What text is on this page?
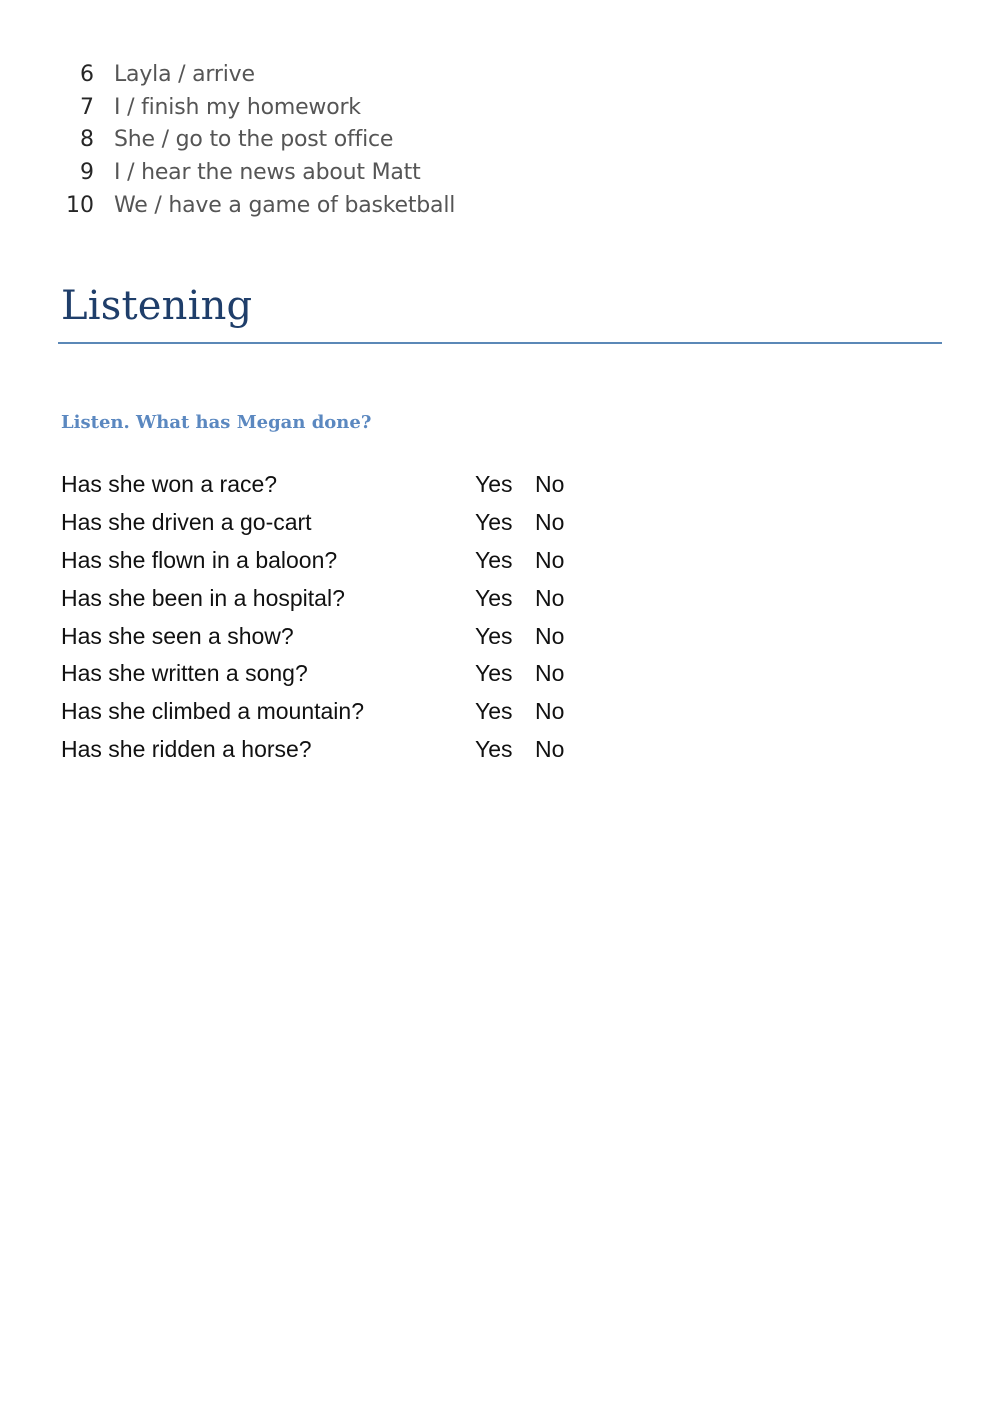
6 Layla / arrive
7 I / finish my homework
8 She / go to the post office
9 I / hear the news about Matt
10 We / have a game of basketball
Listening

Listen. What has Megan done?

Has she won a race?	Yes No
Has she driven a go-cart	Yes No
Has she flown in a baloon?	Yes No
Has she been in a hospital?	Yes No
Has she seen a show?	Yes No
Has she written a song?	Yes No
Has she climbed a mountain?	Yes No
Has she ridden a horse?	Yes No
